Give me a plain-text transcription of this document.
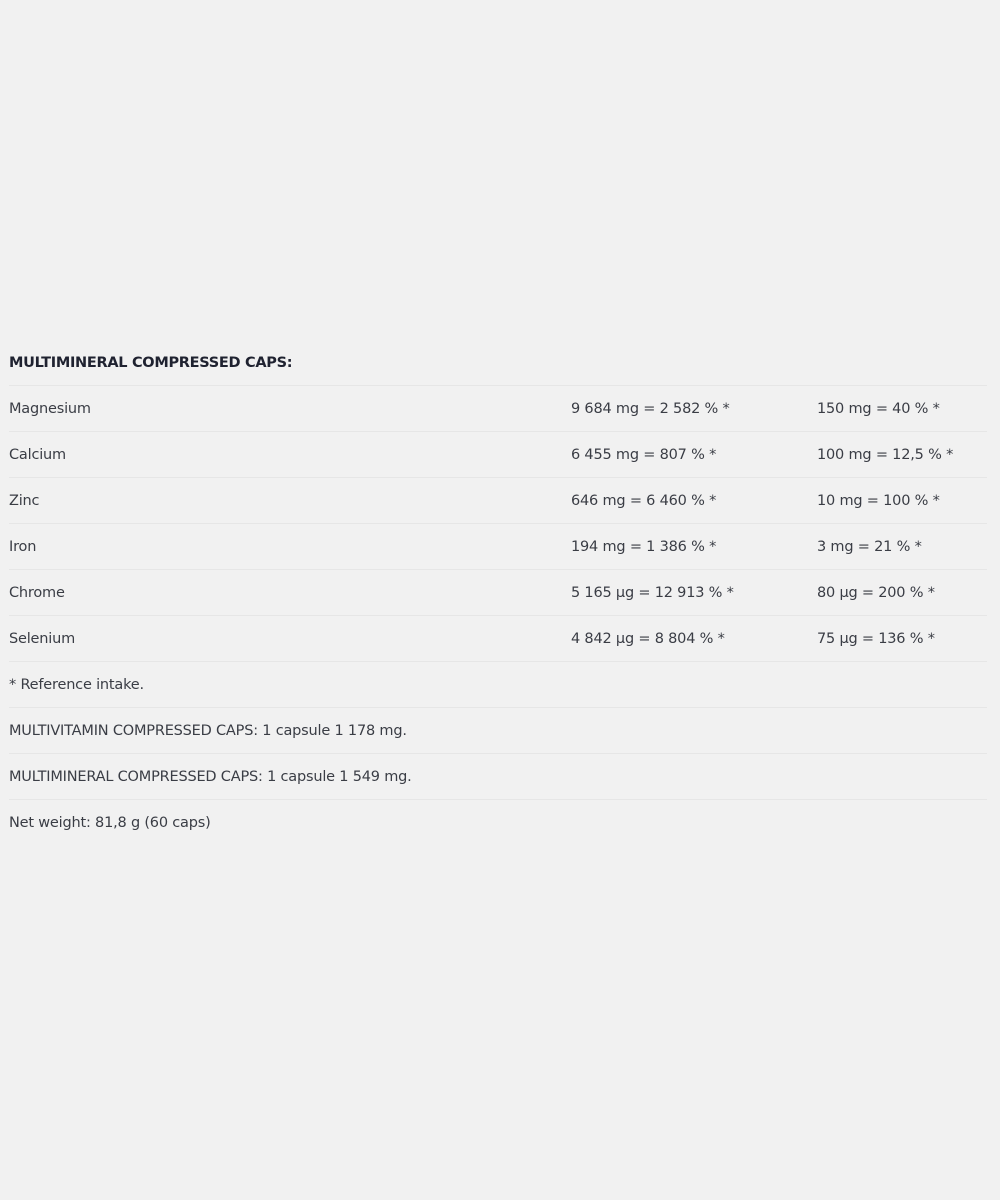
MULTIMINERAL COMPRESSED CAPS:
Magnesium	9 684 mg = 2 582 % *	150 mg = 40 % *
Calcium	6 455 mg = 807 % *	100 mg = 12,5 % *
Zinc	646 mg = 6 460 % *	10 mg = 100 % *
Iron	194 mg = 1 386 % *	3 mg = 21 % *
Chrome	5 165 µg = 12 913 % *	80 µg = 200 % *
Selenium	4 842 µg = 8 804 % *	75 µg = 136 % *
* Reference intake.
MULTIVITAMIN COMPRESSED CAPS: 1 capsule 1 178 mg.
MULTIMINERAL COMPRESSED CAPS: 1 capsule 1 549 mg.
Net weight: 81,8 g (60 caps)
